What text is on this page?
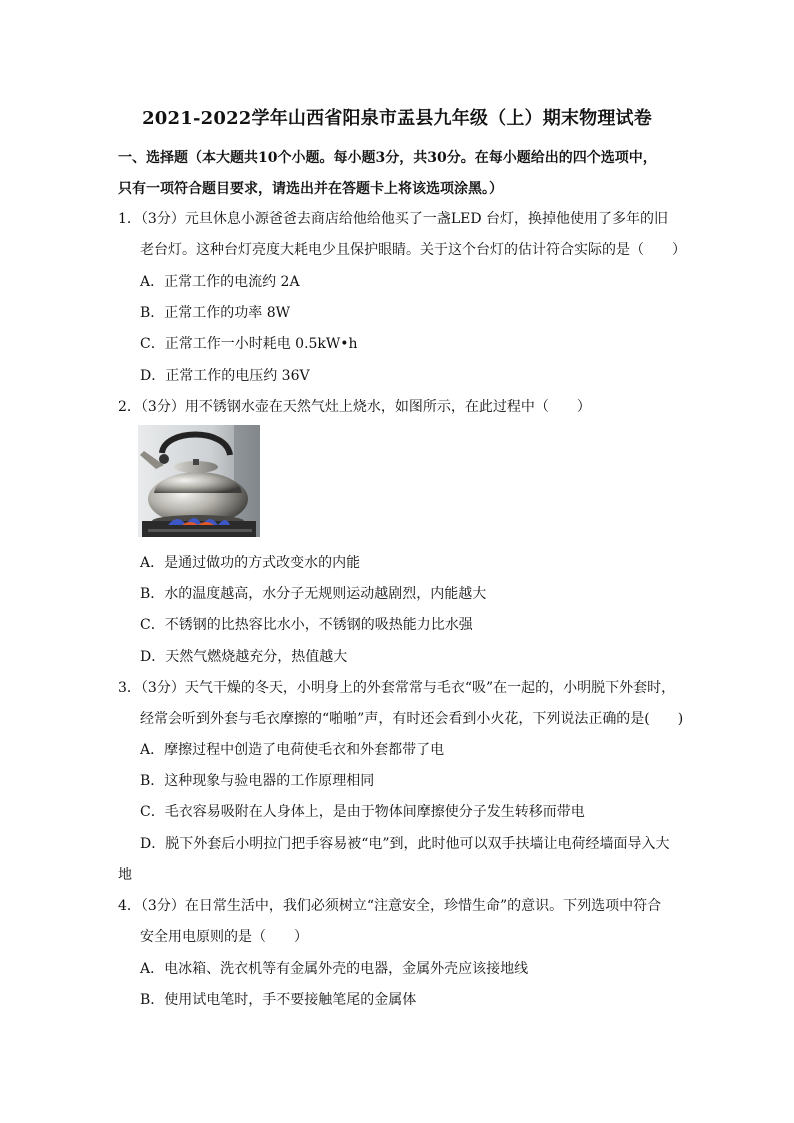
2021-2022学年山西省阳泉市盂县九年级（上）期末物理试卷
一、选择题（本大题共10个小题。每小题3分，共30分。在每小题给出的四个选项中，
只有一项符合题目要求，请选出并在答题卡上将该选项涂黑。）
1．（3分）元旦休息小源爸爸去商店给他给他买了一盏LED 台灯，换掉他使用了多年的旧
老台灯。这种台灯亮度大耗电少且保护眼睛。关于这个台灯的估计符合实际的是（　　）
A．正常工作的电流约 2A
B．正常工作的功率 8W
C．正常工作一小时耗电 0.5kW•h
D．正常工作的电压约 36V
2．（3分）用不锈钢水壶在天然气灶上烧水，如图所示，在此过程中（　　）
A．是通过做功的方式改变水的内能
B．水的温度越高，水分子无规则运动越剧烈，内能越大
C．不锈钢的比热容比水小，不锈钢的吸热能力比水强
D．天然气燃烧越充分，热值越大
3．（3分）天气干燥的冬天，小明身上的外套常常与毛衣“吸”在一起的，小明脱下外套时，
经常会听到外套与毛衣摩擦的“啪啪”声，有时还会看到小火花，下列说法正确的是(　　)
A．摩擦过程中创造了电荷使毛衣和外套都带了电
B．这种现象与验电器的工作原理相同
C．毛衣容易吸附在人身体上，是由于物体间摩擦使分子发生转移而带电
D．脱下外套后小明拉门把手容易被“电”到，此时他可以双手扶墙让电荷经墙面导入大
地
4．（3分）在日常生活中，我们必须树立“注意安全，珍惜生命”的意识。下列选项中符合
安全用电原则的是（　　）
A．电冰箱、洗衣机等有金属外壳的电器，金属外壳应该接地线
B．使用试电笔时，手不要接触笔尾的金属体
